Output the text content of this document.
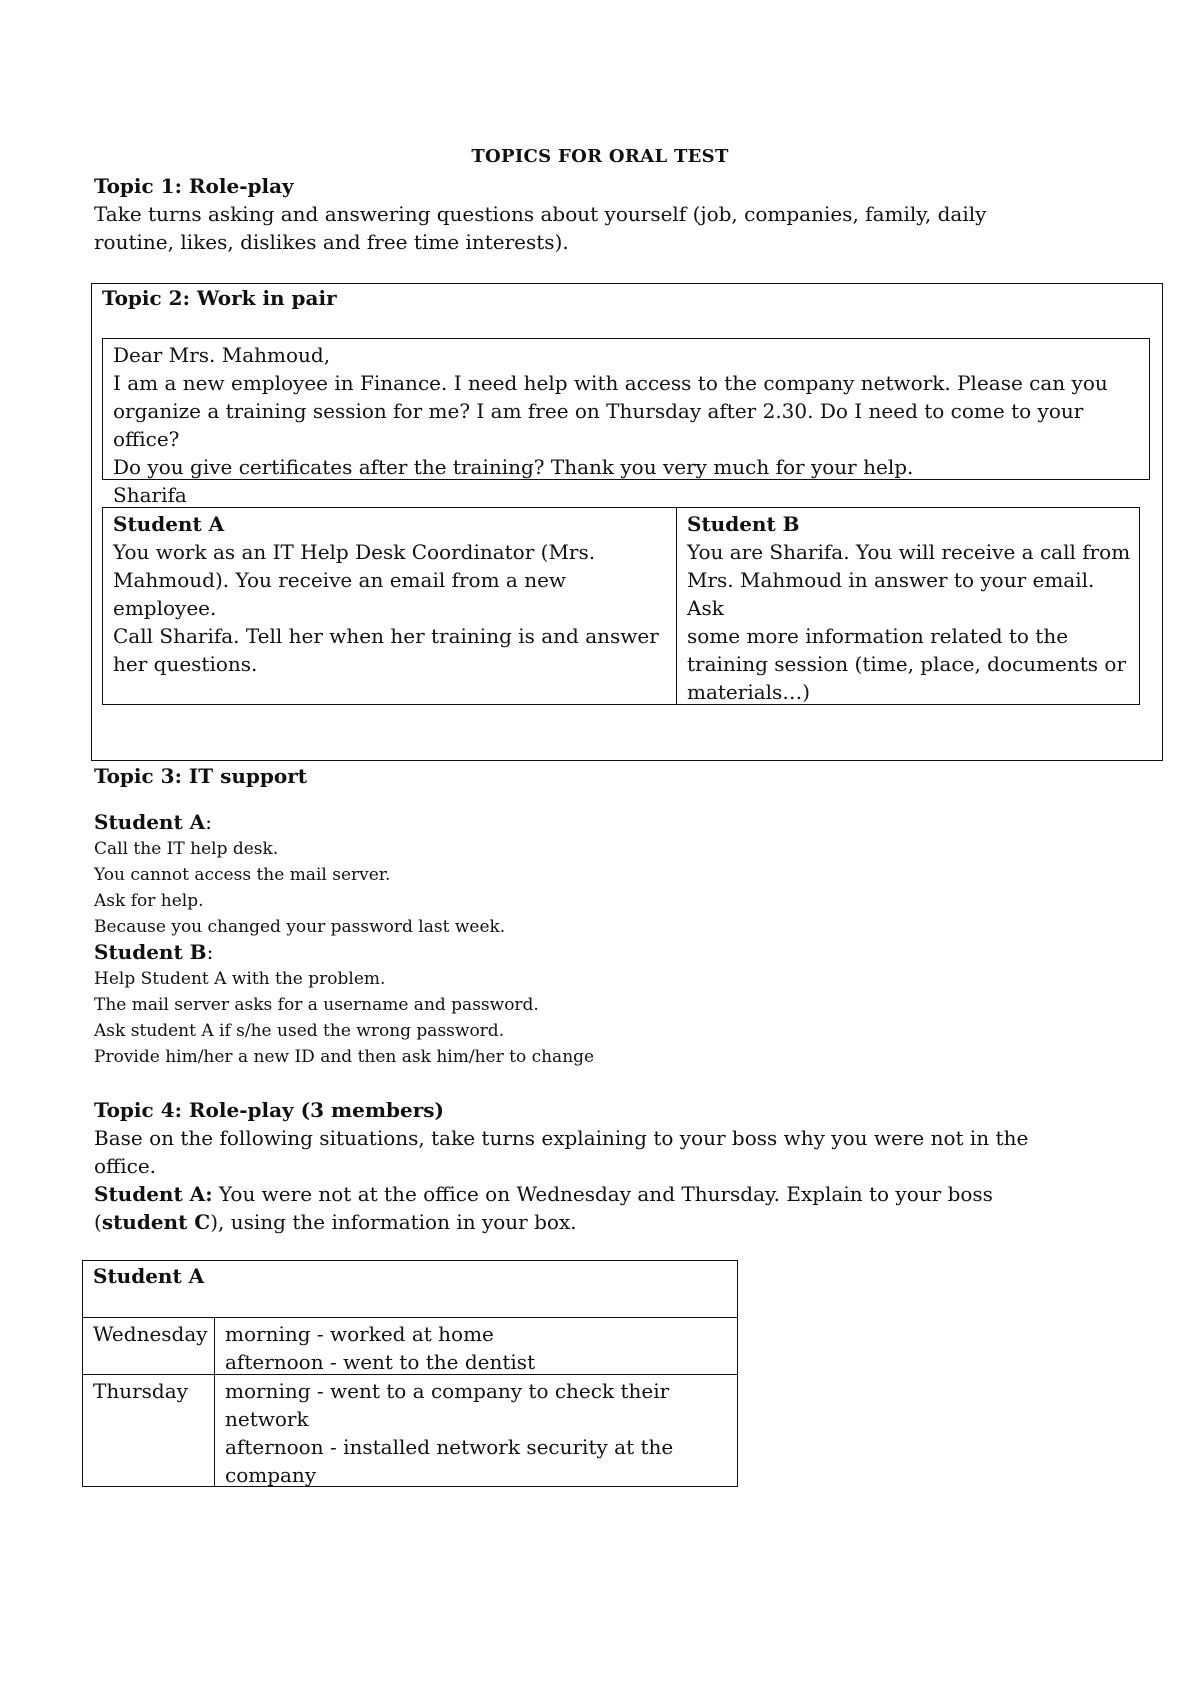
TOPICS FOR ORAL TEST
Topic 1: Role-play
Take turns asking and answering questions about yourself (job, companies, family, daily
routine, likes, dislikes and free time interests).
Topic 2: Work in pair
Dear Mrs. Mahmoud,
I am a new employee in Finance. I need help with access to the company network. Please can you
organize a training session for me? I am free on Thursday after 2.30. Do I need to come to your office?
Do you give certificates after the training? Thank you very much for your help.
Sharifa
Student A
You work as an IT Help Desk Coordinator (Mrs.
Mahmoud). You receive an email from a new employee.
Call Sharifa. Tell her when her training is and answer
her questions.
Student B
You are Sharifa. You will receive a call from
Mrs. Mahmoud in answer to your email. Ask
some more information related to the
training session (time, place, documents or
materials…)
Topic 3: IT support
Student A:
Call the IT help desk.
You cannot access the mail server.
Ask for help.
Because you changed your password last week.
Student B:
Help Student A with the problem.
The mail server asks for a username and password.
Ask student A if s/he used the wrong password.
Provide him/her a new ID and then ask him/her to change
Topic 4: Role-play (3 members)
Base on the following situations, take turns explaining to your boss why you were not in the
office.
Student A: You were not at the office on Wednesday and Thursday. Explain to your boss
(student C), using the information in your box.
Student A
Wednesday morning - worked at home
afternoon - went to the dentist
Thursday morning - went to a company to check their
network
afternoon - installed network security at the
company
